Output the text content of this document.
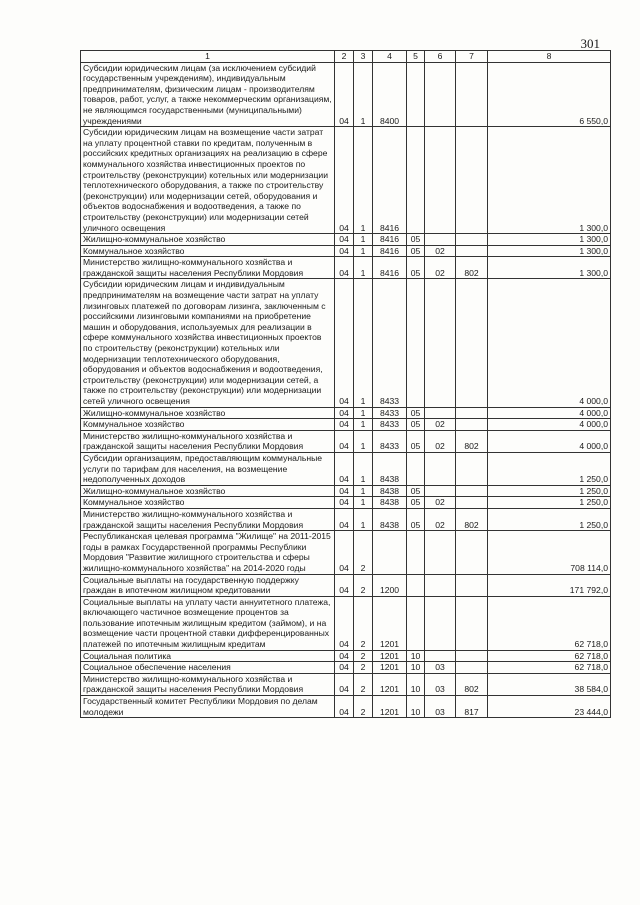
301
1	2	3	4	5	6	7	8
Субсидии юридическим лицам (за исключением субсидий государственным учреждениям), индивидуальным предпринимателям, физическим лицам - производителям товаров, работ, услуг, а также некоммерческим организациям, не являющимся государственными (муниципальными) учреждениями	04	1	8400				6 550,0
Субсидии юридическим лицам на возмещение части затрат на уплату процентной ставки по кредитам, полученным в российских кредитных организациях на реализацию в сфере коммунального хозяйства инвестиционных проектов по строительству (реконструкции) котельных или модернизации теплотехнического оборудования, а также по строительству (реконструкции) или модернизации сетей, оборудования и объектов водоснабжения и водоотведения, а также по строительству (реконструкции) или модернизации сетей уличного освещения	04	1	8416				1 300,0
Жилищно-коммунальное хозяйство	04	1	8416	05			1 300,0
Коммунальное хозяйство	04	1	8416	05	02		1 300,0
Министерство жилищно-коммунального хозяйства и гражданской защиты населения Республики Мордовия	04	1	8416	05	02	802	1 300,0
Субсидии юридическим лицам и индивидуальным предпринимателям на возмещение части затрат на уплату лизинговых платежей по договорам лизинга, заключенным с российскими лизинговыми компаниями на приобретение машин и оборудования, используемых для реализации в сфере коммунального хозяйства инвестиционных проектов по строительству (реконструкции) котельных или модернизации теплотехнического оборудования, оборудования и объектов водоснабжения и водоотведения, строительству (реконструкции) или модернизации сетей, а также по строительству (реконструкции) или модернизации сетей уличного освещения	04	1	8433				4 000,0
Жилищно-коммунальное хозяйство	04	1	8433	05			4 000,0
Коммунальное хозяйство	04	1	8433	05	02		4 000,0
Министерство жилищно-коммунального хозяйства и гражданской защиты населения Республики Мордовия	04	1	8433	05	02	802	4 000,0
Субсидии организациям, предоставляющим коммунальные услуги по тарифам для населения, на возмещение недополученных доходов	04	1	8438				1 250,0
Жилищно-коммунальное хозяйство	04	1	8438	05			1 250,0
Коммунальное хозяйство	04	1	8438	05	02		1 250,0
Министерство жилищно-коммунального хозяйства и гражданской защиты населения Республики Мордовия	04	1	8438	05	02	802	1 250,0
Республиканская целевая программа "Жилище" на 2011-2015 годы в рамках Государственной программы Республики Мордовия "Развитие жилищного строительства и сферы жилищно-коммунального хозяйства" на 2014-2020 годы	04	2					708 114,0
Социальные выплаты на государственную поддержку граждан в ипотечном жилищном кредитовании	04	2	1200				171 792,0
Социальные выплаты на уплату части аннуитетного платежа, включающего частичное возмещение процентов за пользование ипотечным жилищным кредитом (займом), и на возмещение части процентной ставки дифференцированных платежей по ипотечным жилищным кредитам	04	2	1201				62 718,0
Социальная политика	04	2	1201	10			62 718,0
Социальное обеспечение населения	04	2	1201	10	03		62 718,0
Министерство жилищно-коммунального хозяйства и гражданской защиты населения Республики Мордовия	04	2	1201	10	03	802	38 584,0
Государственный комитет Республики Мордовия по делам молодежи	04	2	1201	10	03	817	23 444,0
